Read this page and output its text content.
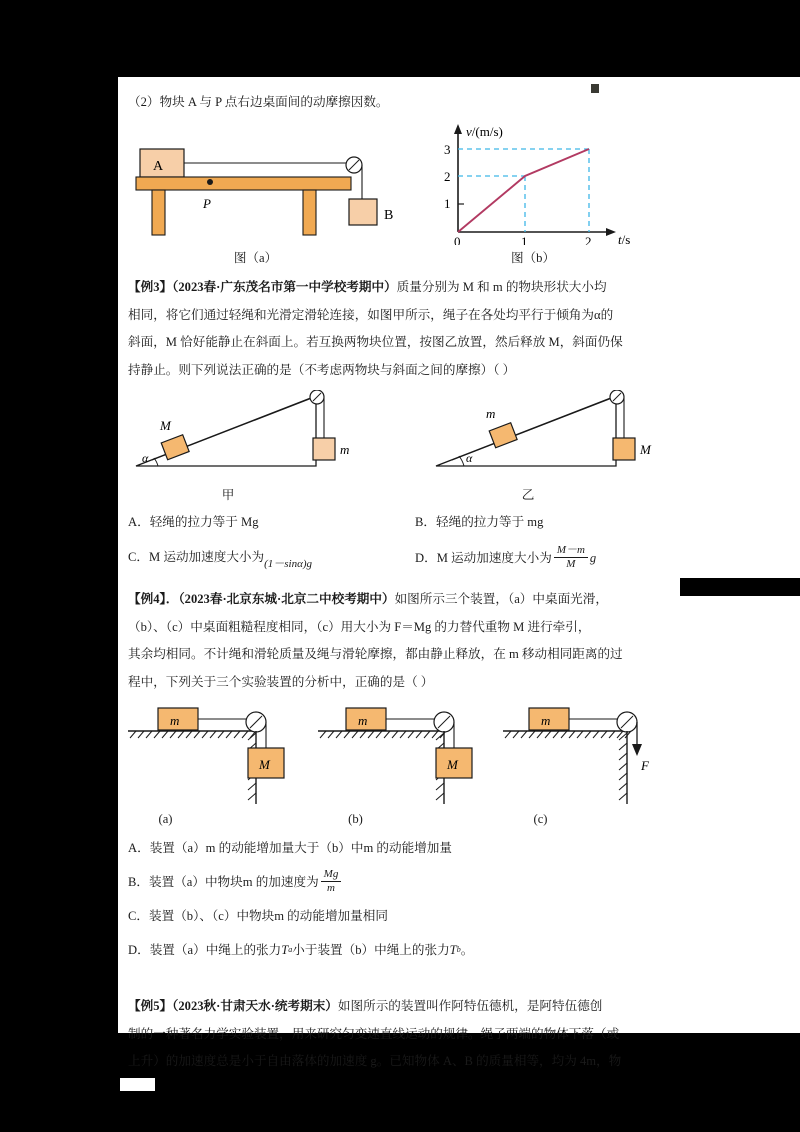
（2）物块 A 与 P 点右边桌面间的动摩擦因数。
A
P
B
图（a）
v/(m/s)
t/s
3
2
1
0	1	2
图（b）
【例3】（2023春·广东茂名市第一中学校考期中）质量分别为 M 和 m 的物块形状大小均
相同，将它们通过轻绳和光滑定滑轮连接，如图甲所示，绳子在各处均平行于倾角为α的
斜面，M 恰好能静止在斜面上。若互换两物块位置，按图乙放置，然后释放 M，斜面仍保
持静止。则下列说法正确的是（不考虑两物块与斜面之间的摩擦）（ ）
α
M
m
甲
α
m
M
乙
A．轻绳的拉力等于 Mg	B．轻绳的拉力等于 mg
C．M 运动加速度大小为(1－sinα)g	D． M 运动加速度大小为 $\frac{M-m}{M}$ g
【例4】．（2023春·北京东城·北京二中校考期中）如图所示三个装置，（a）中桌面光滑，
（b）、（c）中桌面粗糙程度相同，（c）用大小为 F＝Mg 的力替代重物 M 进行牵引，
其余均相同。不计绳和滑轮质量及绳与滑轮摩擦，都由静止释放，在 m 移动相同距离的过
程中，下列关于三个实验装置的分析中，正确的是（ ）
m
M
(a)
m
M
(b)
m
F
(c)
A． 装置（a）m 的动能增加量大于（b）中m 的动能增加量
B． 装置（a）中物块m 的加速度为 $\frac{Mg}{m}$
C． 装置（b）、（c）中物块m 的动能增加量相同
D． 装置（a）中绳上的张力 T a 小于装置（b）中绳上的张力 T b 。
【例5】（2023秋·甘肃天水·统考期末）如图所示的装置叫作阿特伍德机，是阿特伍德创
制的一种著名力学实验装置，用来研究匀变速直线运动的规律。绳子两端的物体下落（或
上升）的加速度总是小于自由落体的加速度 g。已知物体 A、B 的质量相等，均为 4m，物
